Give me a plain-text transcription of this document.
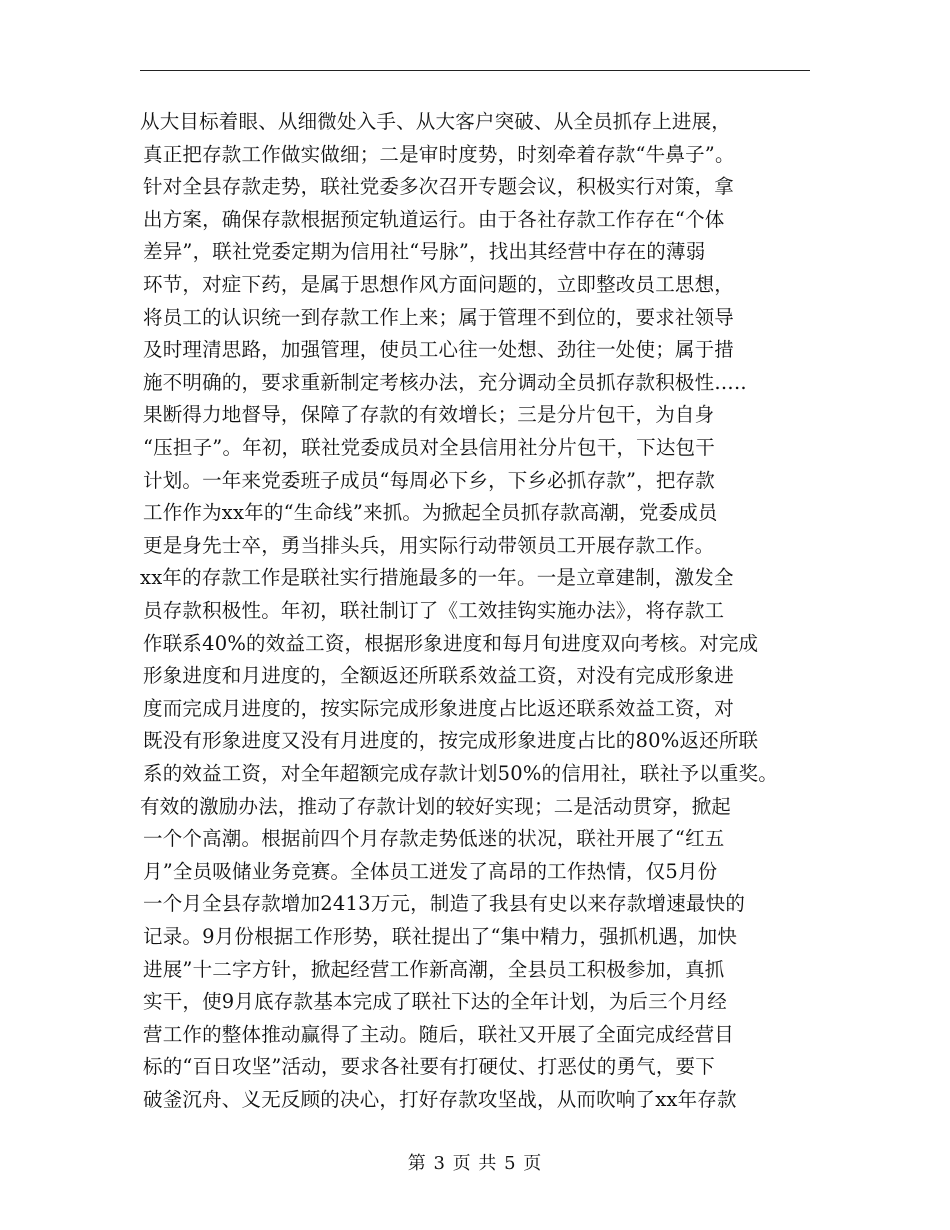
从大目标着眼、从细微处入手、从大客户突破、从全员抓存上进展，
真正把存款工作做实做细；二是审时度势，时刻牵着存款“牛鼻子”。
针对全县存款走势，联社党委多次召开专题会议，积极实行对策，拿
出方案，确保存款根据预定轨道运行。由于各社存款工作存在“个体
差异”，联社党委定期为信用社“号脉”，找出其经营中存在的薄弱
环节，对症下药，是属于思想作风方面问题的，立即整改员工思想，
将员工的认识统一到存款工作上来；属于管理不到位的，要求社领导
及时理清思路，加强管理，使员工心往一处想、劲往一处使；属于措
施不明确的，要求重新制定考核办法，充分调动全员抓存款积极性…..
果断得力地督导，保障了存款的有效增长；三是分片包干，为自身
“压担子”。年初，联社党委成员对全县信用社分片包干，下达包干
计划。一年来党委班子成员“每周必下乡，下乡必抓存款”，把存款
工作作为xx年的“生命线”来抓。为掀起全员抓存款高潮，党委成员
更是身先士卒，勇当排头兵，用实际行动带领员工开展存款工作。
xx年的存款工作是联社实行措施最多的一年。一是立章建制，激发全
员存款积极性。年初，联社制订了《工效挂钩实施办法》，将存款工
作联系40%的效益工资，根据形象进度和每月旬进度双向考核。对完成
形象进度和月进度的，全额返还所联系效益工资，对没有完成形象进
度而完成月进度的，按实际完成形象进度占比返还联系效益工资，对
既没有形象进度又没有月进度的，按完成形象进度占比的80%返还所联
系的效益工资，对全年超额完成存款计划50%的信用社，联社予以重奖。
有效的激励办法，推动了存款计划的较好实现；二是活动贯穿，掀起
一个个高潮。根据前四个月存款走势低迷的状况，联社开展了“红五
月”全员吸储业务竞赛。全体员工迸发了高昂的工作热情，仅5月份
一个月全县存款增加2413万元，制造了我县有史以来存款增速最快的
记录。9月份根据工作形势，联社提出了“集中精力，强抓机遇，加快
进展”十二字方针，掀起经营工作新高潮，全县员工积极参加，真抓
实干，使9月底存款基本完成了联社下达的全年计划，为后三个月经
营工作的整体推动赢得了主动。随后，联社又开展了全面完成经营目
标的“百日攻坚”活动，要求各社要有打硬仗、打恶仗的勇气，要下
破釜沉舟、义无反顾的决心，打好存款攻坚战，从而吹响了xx年存款
第 3 页 共 5 页
